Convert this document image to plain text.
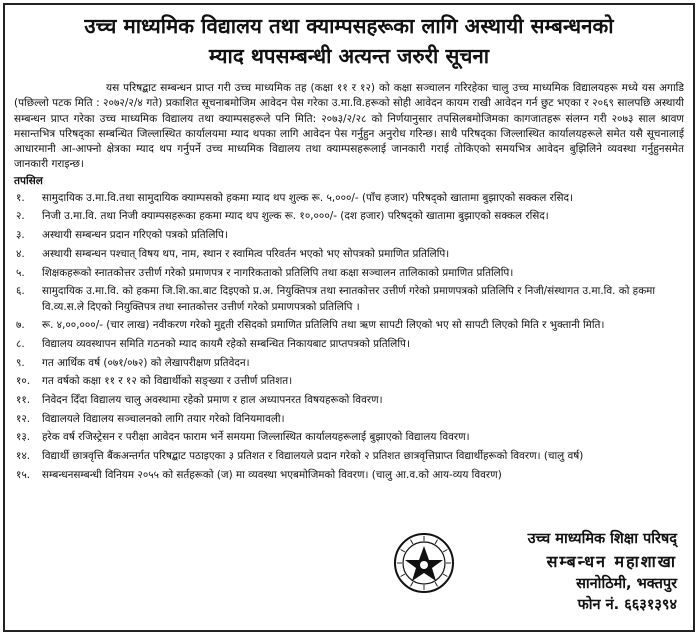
उच्च माध्यमिक विद्यालय तथा क्याम्पसहरूका लागि अस्थायी सम्बन्धनको
म्याद थपसम्बन्धी अत्यन्त जरुरी सूचना

यस परिषद्बाट सम्बन्धन प्राप्त गरी उच्च माध्यमिक तह (कक्षा ११ र १२) को कक्षा सञ्चालन गरिरहेका चालु उच्च माध्यमिक विद्यालयहरू मध्ये यस अगाडि (पछिल्लो पटक मिति : २०७२/२/४ गते) प्रकाशित सूचनाबमोजिम आवेदन पेस गरेका उ.मा.वि.हरूको सोही आवेदन कायम राखी आवेदन गर्न छुट भएका र २०६९ सालपछि अस्थायी सम्बन्धन प्राप्त गरेका उच्च माध्यमिक विद्यालय तथा क्याम्पसहरूले पनि मिति: २०७३/२/२८ को निर्णयानुसार तपसिलबमोजिमका कागजातहरू संलग्न गरी २०७३ साल श्रावण मसान्तभित्र परिषद्का सम्बन्धित जिल्लास्थित कार्यालयमा म्याद थपका लागि आवेदन पेस गर्नुहुन अनुरोध गरिन्छ। साथै परिषद्का जिल्लास्थित कार्यालयहरूले समेत यसै सूचनालाई आधारमानी आ-आफ्नो क्षेत्रका म्याद थप गर्नुपर्ने उच्च माध्यमिक विद्यालय तथा क्याम्पसहरूलाई जानकारी गराई तोकिएको समयभित्र आवेदन बुझिलिने व्यवस्था गर्नुहुनसमेत जानकारी गराइन्छ।

तपसिल
१.	सामुदायिक उ.मा.वि.तथा सामुदायिक क्याम्पसको हकमा म्याद थप शुल्क रू. ५,०००/- (पाँच हजार) परिषद्को खातामा बुझाएको सक्कल रसिद।
२.	निजी उ.मा.वि. तथा निजी क्याम्पसहरूका हकमा म्याद थप शुल्क रू. १०,०००/- (दश हजार) परिषद्को खातामा बुझाएको सक्कल रसिद।
३.	अस्थायी सम्बन्धन प्रदान गरिएको पत्रको प्रतिलिपि।
४.	अस्थायी सम्बन्धन पश्चात् विषय थप, नाम, स्थान र स्वामित्व परिवर्तन भएको भए सोपत्रको प्रमाणित प्रतिलिपि।
५.	शिक्षकहरूको स्नातकोत्तर उत्तीर्ण गरेको प्रमाणपत्र र नागरिकताको प्रतिलिपि तथा कक्षा सञ्चालन तालिकाको प्रमाणित प्रतिलिपि।
६.	सामुदायिक उ.मा.वि. को हकमा जि.शि.का.बाट दिइएको प्र.अ. नियुक्तिपत्र तथा स्नातकोत्तर उत्तीर्ण गरेको प्रमाणपत्रको प्रतिलिपि र निजी/संस्थागत उ.मा.वि. को हकमा वि.व्य.स.ले दिएको नियुक्तिपत्र तथा स्नातकोत्तर उत्तीर्ण गरेको प्रमाणपत्रको प्रतिलिपि ।
७.	रू. ४,००,०००/- (चार लाख) नवीकरण गरेको मुद्दती रसिदको प्रमाणित प्रतिलिपि तथा ऋण सापटी लिएको भए सो सापटी लिएको मिति र भुक्तानी मिति।
८.	विद्यालय व्यवस्थापन समिति गठनको म्याद कायमै रहेको सम्बन्धित निकायबाट प्राप्तपत्रको प्रतिलिपि।
९.	गत आर्थिक वर्ष (०७१/०७२) को लेखापरीक्षण प्रतिवेदन।
१०.	गत वर्षको कक्षा ११ र १२ को विद्यार्थीको सङ्ख्या र उत्तीर्ण प्रतिशत।
११.	निवेदन दिँदा विद्यालय चालु अवस्थामा रहेको प्रमाण र हाल अध्यापनरत विषयहरूको विवरण।
१२.	विद्यालयले विद्यालय सञ्चालनको लागि तयार गरेको विनियमावली।
१३.	हरेक वर्ष रजिस्ट्रेसन र परीक्षा आवेदन फाराम भर्ने समयमा जिल्लास्थित कार्यालयहरूलाई बुझाएको विद्यालय विवरण।
१४.	विद्यार्थी छात्रवृत्ति बैंकअन्तर्गत परिषद्बाट पठाइएका ३ प्रतिशत र विद्यालयले प्रदान गरेको २ प्रतिशत छात्रवृत्तिप्राप्त विद्यार्थीहरूको विवरण। (चालु वर्ष)
१५.	सम्बन्धनसम्बन्धी विनियम २०५५ को सर्तहरूको (ज) मा व्यवस्था भएबमोजिमको विवरण। (चालु आ.व.को आय-व्यय विवरण)
उच्च माध्यमिक शिक्षा परिषद्
सम्बन्धन महाशाखा
सानोठिमी, भक्तपुर
फोन नं. ६६३१३९४
